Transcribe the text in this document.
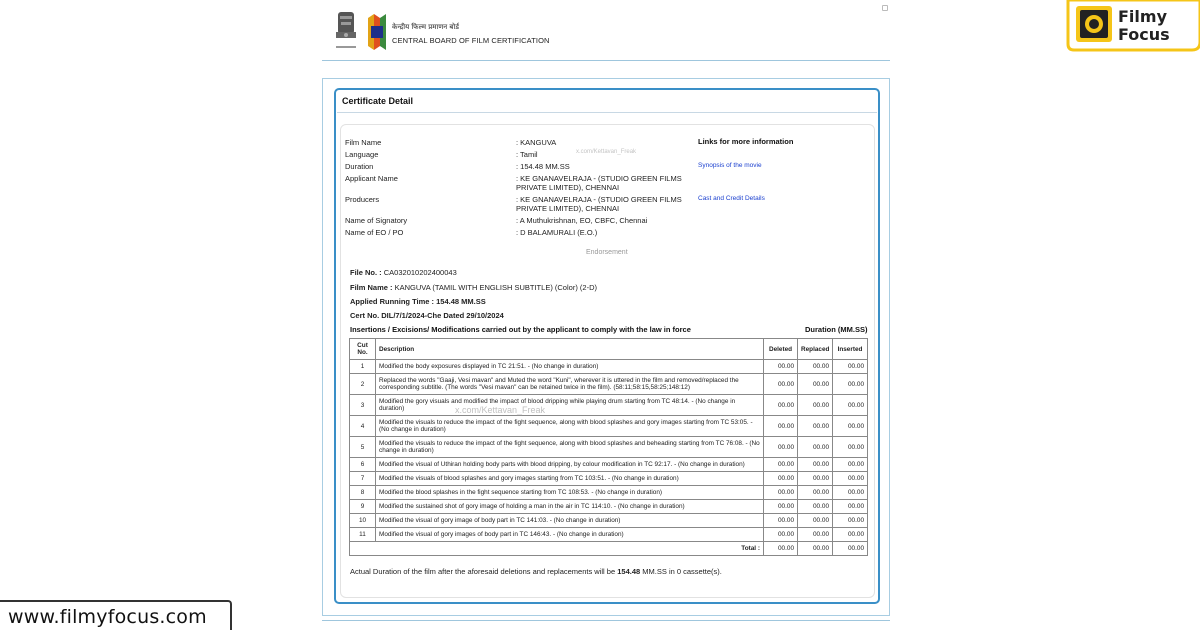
केन्द्रीय फिल्म प्रमाणन बोर्ड
CENTRAL BOARD OF FILM CERTIFICATION
Certificate Detail
Film Name	: KANGUVA
Language	: Tamil
Duration	: 154.48 MM.SS
Applicant Name	: KE GNANAVELRAJA - (STUDIO GREEN FILMS PRIVATE LIMITED), CHENNAI
Producers	: KE GNANAVELRAJA - (STUDIO GREEN FILMS PRIVATE LIMITED), CHENNAI
Name of Signatory	: A Muthukrishnan, EO, CBFC, Chennai
Name of EO / PO	: D BALAMURALI (E.O.)
x.com/Kettavan_Freak
Links for more information
Synopsis of the movie
Cast and Credit Details
Endorsement
File No. : CA032010202400043
Film Name : KANGUVA (TAMIL WITH ENGLISH SUBTITLE) (Color) (2-D)
Applied Running Time : 154.48 MM.SS
Cert No. DIL/7/1/2024-Che Dated 29/10/2024
Insertions / Excisions/ Modifications carried out by the applicant to comply with the law in force	Duration (MM.SS)
Cut No.	Description	Deleted	Replaced	Inserted
1	Modified the body exposures displayed in TC 21:51. - (No change in duration)	00.00	00.00	00.00
2	Replaced the words "Gaaji, Vesi mavan" and Muted the word "Kuni", wherever it is uttered in the film and removed/replaced the corresponding subtitle. (The words "Vesi mavan" can be retained twice in the film). (58:11;58:15,58:25;148:12)	00.00	00.00	00.00
3	Modified the gory visuals and modified the impact of blood dripping while playing drum starting from TC 48:14. - (No change in duration)	00.00	00.00	00.00
4	Modified the visuals to reduce the impact of the fight sequence, along with blood splashes and gory images starting from TC 53:05. - (No change in duration)	00.00	00.00	00.00
5	Modified the visuals to reduce the impact of the fight sequence, along with blood splashes and beheading starting from TC 76:08. - (No change in duration)	00.00	00.00	00.00
6	Modified the visual of Uthiran holding body parts with blood dripping, by colour modification in TC 92:17. - (No change in duration)	00.00	00.00	00.00
7	Modified the visuals of blood splashes and gory images starting from TC 103:51. - (No change in duration)	00.00	00.00	00.00
8	Modified the blood splashes in the fight sequence starting from TC 108:53. - (No change in duration)	00.00	00.00	00.00
9	Modified the sustained shot of gory image of holding a man in the air in TC 114:10. - (No change in duration)	00.00	00.00	00.00
10	Modified the visual of gory image of body part in TC 141:03. - (No change in duration)	00.00	00.00	00.00
11	Modified the visual of gory images of body part in TC 146:43. - (No change in duration)	00.00	00.00	00.00
	Total :	00.00	00.00	00.00
x.com/Kettavan_Freak
Actual Duration of the film after the aforesaid deletions and replacements will be 154.48 MM.SS in 0 cassette(s).
Filmy
Focus
www.filmyfocus.com
